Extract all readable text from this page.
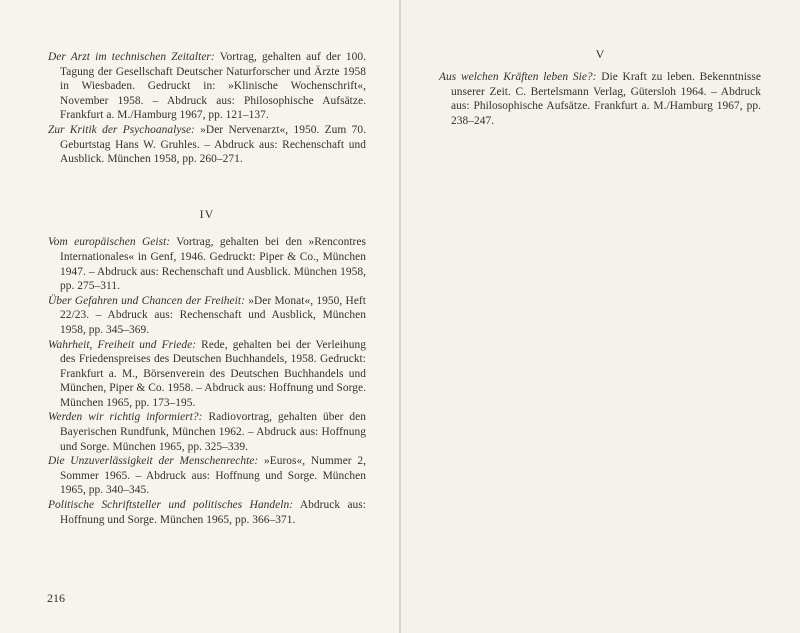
Der Arzt im technischen Zeitalter: Vortrag, gehalten auf der 100. Tagung der Gesellschaft Deutscher Naturforscher und Ärzte 1958 in Wiesbaden. Gedruckt in: »Klinische Wochenschrift«, November 1958. – Abdruck aus: Philosophische Aufsätze. Frankfurt a. M./Hamburg 1967, pp. 121–137.

Zur Kritik der Psychoanalyse: »Der Nervenarzt«, 1950. Zum 70. Geburtstag Hans W. Gruhles. – Abdruck aus: Rechenschaft und Ausblick. München 1958, pp. 260–271.

IV

Vom europäischen Geist: Vortrag, gehalten bei den »Rencontres Internationales« in Genf, 1946. Gedruckt: Piper & Co., München 1947. – Abdruck aus: Rechenschaft und Ausblick. München 1958, pp. 275–311.

Über Gefahren und Chancen der Freiheit: »Der Monat«, 1950, Heft 22/23. – Abdruck aus: Rechenschaft und Ausblick, München 1958, pp. 345–369.

Wahrheit, Freiheit und Friede: Rede, gehalten bei der Verleihung des Friedenspreises des Deutschen Buchhandels, 1958. Gedruckt: Frankfurt a. M., Börsenverein des Deutschen Buchhandels und München, Piper & Co. 1958. – Abdruck aus: Hoffnung und Sorge. München 1965, pp. 173–195.

Werden wir richtig informiert?: Radiovortrag, gehalten über den Bayerischen Rundfunk, München 1962. – Abdruck aus: Hoffnung und Sorge. München 1965, pp. 325–339.

Die Unzuverlässigkeit der Menschenrechte: »Euros«, Nummer 2, Sommer 1965. – Abdruck aus: Hoffnung und Sorge. München 1965, pp. 340–345.

Politische Schriftsteller und politisches Handeln: Abdruck aus: Hoffnung und Sorge. München 1965, pp. 366–371.

216
V

Aus welchen Kräften leben Sie?: Die Kraft zu leben. Bekenntnisse unserer Zeit. C. Bertelsmann Verlag, Gütersloh 1964. – Abdruck aus: Philosophische Aufsätze. Frankfurt a. M./Hamburg 1967, pp. 238–247.
